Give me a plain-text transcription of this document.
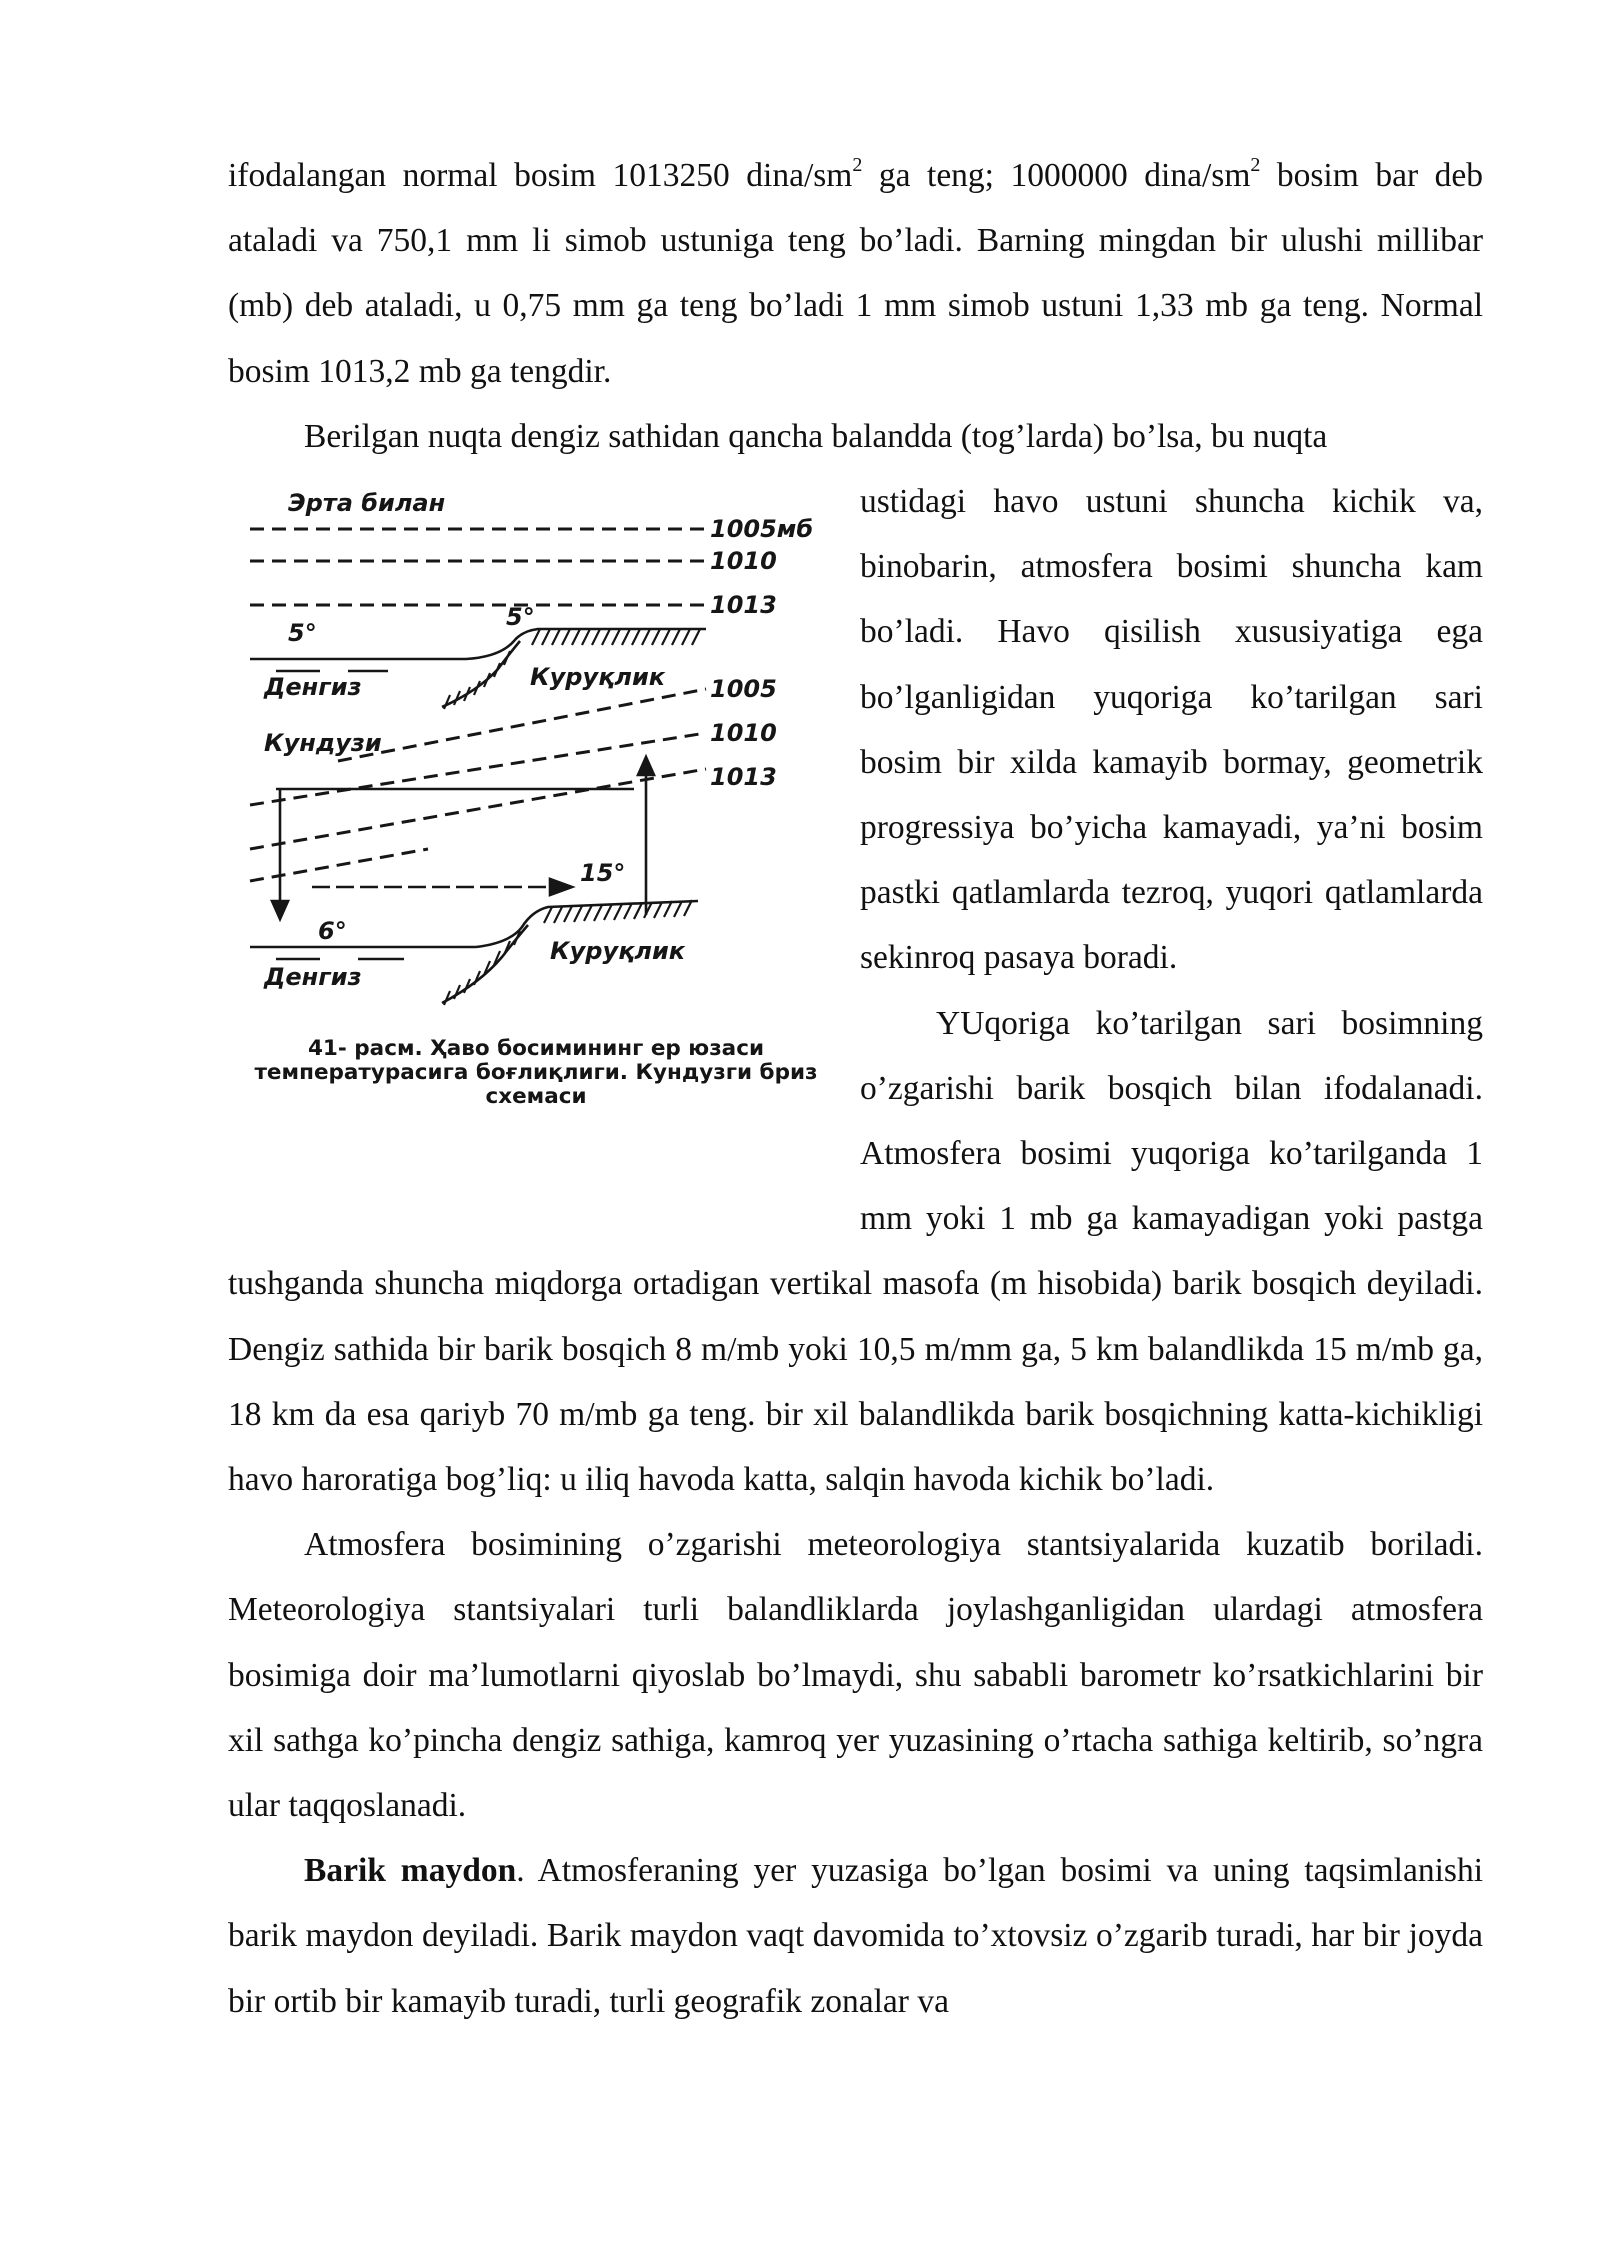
ifodalangan normal bosim 1013250 dina/$sm^2$ ga teng; 1000000 dina/$sm^2$ bosim bar deb ataladi va 750,1 mm li simob ustuniga teng bo’ladi. Barning mingdan bir ulushi millibar (mb) deb ataladi, u 0,75 mm ga teng bo’ladi 1 mm simob ustuni 1,33 mb ga teng. Normal bosim 1013,2 mb ga tengdir.

Berilgan nuqta dengiz sathidan qancha balandda (tog’larda) bo’lsa, bu nuqta

Эрта билан
1005мб
1010
1013
5°
5°
Денгиз	Куруқлик
Кундузи
1005
1010
1013
15°
6°
Денгиз
Куруқлик
41- расм. Ҳаво босимининг ер юзаси температурасига боғлиқлиги. Кундузги бриз схемаси

ustidagi havo ustuni shuncha kichik va, binobarin, atmosfera bosimi shuncha kam bo’ladi. Havo qisilish xususiyatiga ega bo’lganligidan yuqoriga ko’tarilgan sari bosim bir xilda kamayib bormay, geometrik progressiya bo’yicha kamayadi, ya’ni bosim pastki qatlamlarda tezroq, yuqori qatlamlarda sekinroq pasaya boradi.

YUqoriga ko’tarilgan sari bosimning o’zgarishi barik bosqich bilan ifodalanadi. Atmosfera bosimi yuqoriga ko’tarilganda 1 mm yoki 1 mb ga kamayadigan yoki pastga tushganda shuncha miqdorga ortadigan vertikal masofa (m hisobida) barik bosqich deyiladi. Dengiz sathida bir barik bosqich 8 m/mb yoki 10,5 m/mm ga, 5 km balandlikda 15 m/mb ga, 18 km da esa qariyb 70 m/mb ga teng. bir xil balandlikda barik bosqichning katta-kichikligi havo haroratiga bog’liq: u iliq havoda katta, salqin havoda kichik bo’ladi.

Atmosfera bosimining o’zgarishi meteorologiya stantsiyalarida kuzatib boriladi. Meteorologiya stantsiyalari turli balandliklarda joylashganligidan ulardagi atmosfera bosimiga doir ma’lumotlarni qiyoslab bo’lmaydi, shu sababli barometr ko’rsatkichlarini bir xil sathga ko’pincha dengiz sathiga, kamroq yer yuzasining o’rtacha sathiga keltirib, so’ngra ular taqqoslanadi.

Barik maydon. Atmosferaning yer yuzasiga bo’lgan bosimi va uning taqsimlanishi barik maydon deyiladi. Barik maydon vaqt davomida to’xtovsiz o’zgarib turadi, har bir joyda bir ortib bir kamayib turadi, turli geografik zonalar va
